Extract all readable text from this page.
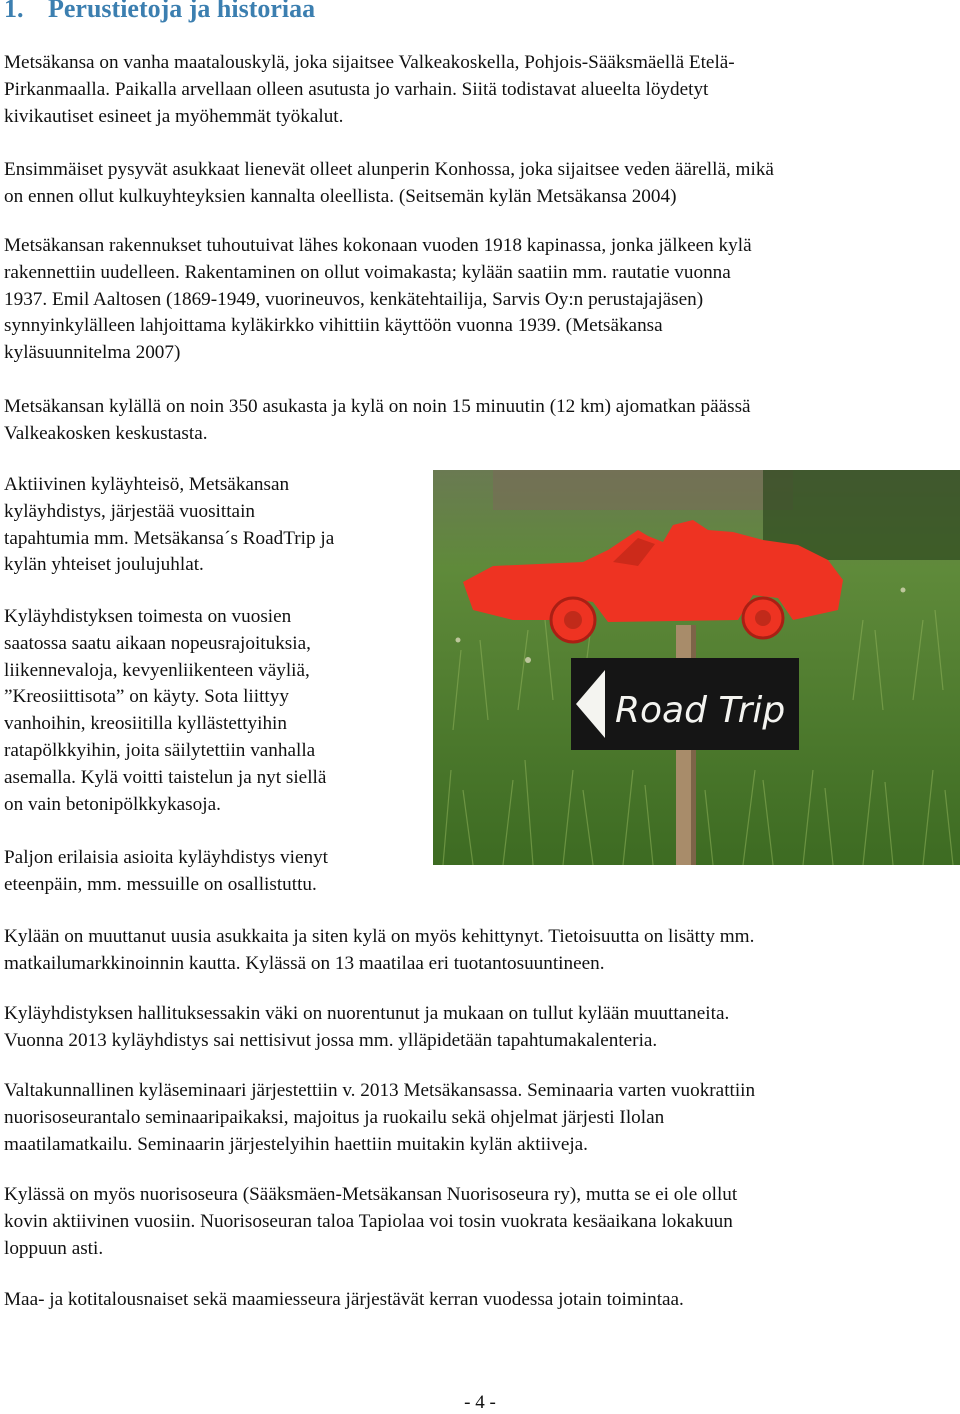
1. Perustietoja ja historiaa

Metsäkansa on vanha maatalouskylä, joka sijaitsee Valkeakoskella, Pohjois-Sääksmäellä Etelä-
Pirkanmaalla. Paikalla arvellaan olleen asutusta jo varhain. Siitä todistavat alueelta löydetyt
kivikautiset esineet ja myöhemmät työkalut.

Ensimmäiset pysyvät asukkaat lienevät olleet alunperin Konhossa, joka sijaitsee veden äärellä, mikä
on ennen ollut kulkuyhteyksien kannalta oleellista. (Seitsemän kylän Metsäkansa 2004)

Metsäkansan rakennukset tuhoutuivat lähes kokonaan vuoden 1918 kapinassa, jonka jälkeen kylä
rakennettiin uudelleen. Rakentaminen on ollut voimakasta; kylään saatiin mm. rautatie vuonna
1937. Emil Aaltosen (1869-1949, vuorineuvos, kenkätehtailija, Sarvis Oy:n perustajajäsen)
synnyinkylälleen lahjoittama kyläkirkko vihittiin käyttöön vuonna 1939. (Metsäkansa
kyläsuunnitelma 2007)

Metsäkansan kylällä on noin 350 asukasta ja kylä on noin 15 minuutin (12 km) ajomatkan päässä
Valkeakosken keskustasta.

Aktiivinen kyläyhteisö, Metsäkansan
kyläyhdistys, järjestää vuosittain
tapahtumia mm. Metsäkansa´s RoadTrip ja
kylän yhteiset joulujuhlat.

Kyläyhdistyksen toimesta on vuosien
saatossa saatu aikaan nopeusrajoituksia,
liikennevaloja, kevyenliikenteen väyliä,
”Kreosiittisota” on käyty. Sota liittyy
vanhoihin, kreosiitilla kyllästettyihin
ratapölkkyihin, joita säilytettiin vanhalla
asemalla. Kylä voitti taistelun ja nyt siellä
on vain betonipölkkykasoja.

Paljon erilaisia asioita kyläyhdistys vienyt
eteenpäin, mm. messuille on osallistuttu.

Kylään on muuttanut uusia asukkaita ja siten kylä on myös kehittynyt. Tietoisuutta on lisätty mm.
matkailumarkkinoinnin kautta. Kylässä on 13 maatilaa eri tuotantosuuntineen.

Kyläyhdistyksen hallituksessakin väki on nuorentunut ja mukaan on tullut kylään muuttaneita.
Vuonna 2013 kyläyhdistys sai nettisivut jossa mm. ylläpidetään tapahtumakalenteria.

Valtakunnallinen kyläseminaari järjestettiin v. 2013 Metsäkansassa. Seminaaria varten vuokrattiin
nuorisoseurantalo seminaaripaikaksi, majoitus ja ruokailu sekä ohjelmat järjesti Ilolan
maatilamatkailu. Seminaarin järjestelyihin haettiin muitakin kylän aktiiveja.

Kylässä on myös nuorisoseura (Sääksmäen-Metsäkansan Nuorisoseura ry), mutta se ei ole ollut
kovin aktiivinen vuosiin. Nuorisoseuran taloa Tapiolaa voi tosin vuokrata kesäaikana lokakuun
loppuun asti.

Maa- ja kotitalousnaiset sekä maamiesseura järjestävät kerran vuodessa jotain toimintaa.

Road Trip
- 4 -
